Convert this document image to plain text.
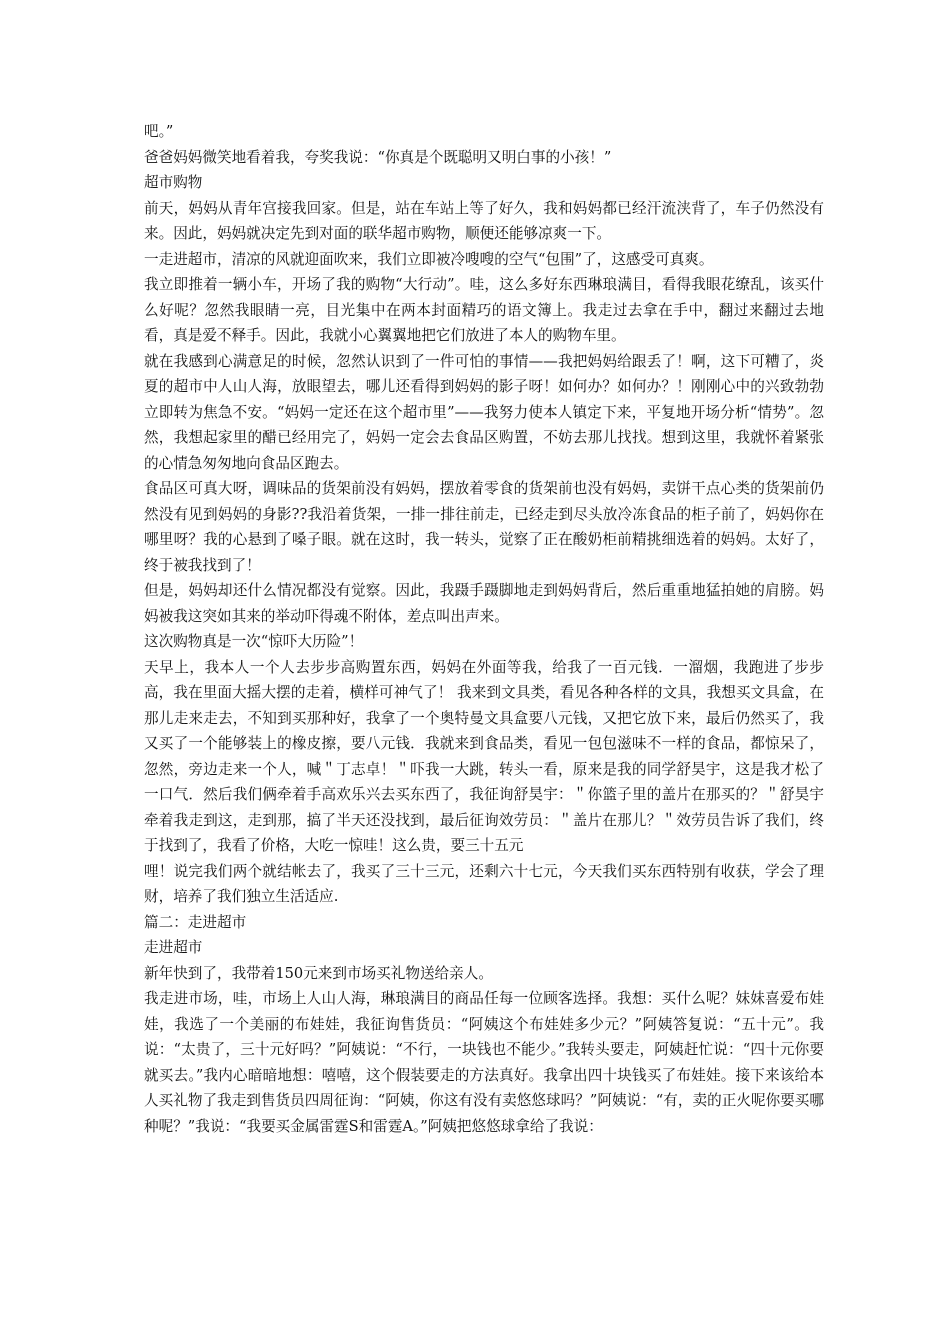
吧。”

爸爸妈妈微笑地看着我，夸奖我说：“你真是个既聪明又明白事的小孩！”

超市购物

前天，妈妈从青年宫接我回家。但是，站在车站上等了好久，我和妈妈都已经汗流浃背了，车子仍然没有来。因此，妈妈就决定先到对面的联华超市购物，顺便还能够凉爽一下。

一走进超市，清凉的风就迎面吹来，我们立即被冷嗖嗖的空气“包围”了，这感受可真爽。

我立即推着一辆小车，开场了我的购物“大行动”。哇，这么多好东西琳琅满目，看得我眼花缭乱，该买什么好呢？忽然我眼睛一亮，目光集中在两本封面精巧的语文簿上。我走过去拿在手中，翻过来翻过去地看，真是爱不释手。因此，我就小心翼翼地把它们放进了本人的购物车里。

就在我感到心满意足的时候，忽然认识到了一件可怕的事情——我把妈妈给跟丢了！啊，这下可糟了，炎夏的超市中人山人海，放眼望去，哪儿还看得到妈妈的影子呀！如何办？如何办？！刚刚心中的兴致勃勃立即转为焦急不安。“妈妈一定还在这个超市里”——我努力使本人镇定下来，平复地开场分析“情势”。忽然，我想起家里的醋已经用完了，妈妈一定会去食品区购置，不妨去那儿找找。想到这里，我就怀着紧张的心情急匆匆地向食品区跑去。

食品区可真大呀，调味品的货架前没有妈妈，摆放着零食的货架前也没有妈妈，卖饼干点心类的货架前仍然没有见到妈妈的身影??我沿着货架，一排一排往前走，已经走到尽头放冷冻食品的柜子前了，妈妈你在哪里呀？我的心悬到了嗓子眼。就在这时，我一转头，觉察了正在酸奶柜前精挑细选着的妈妈。太好了，终于被我找到了！

但是，妈妈却还什么情况都没有觉察。因此，我蹑手蹑脚地走到妈妈背后，然后重重地猛拍她的肩膀。妈妈被我这突如其来的举动吓得魂不附体，差点叫出声来。

这次购物真是一次“惊吓大历险”！

天早上，我本人一个人去步步高购置东西，妈妈在外面等我，给我了一百元钱．一溜烟，我跑进了步步高，我在里面大摇大摆的走着，横样可神气了！ 我来到文具类，看见各种各样的文具，我想买文具盒，在那儿走来走去，不知到买那种好，我拿了一个奥特曼文具盒要八元钱，又把它放下来，最后仍然买了，我又买了一个能够装上的橡皮擦，要八元钱．我就来到食品类，看见一包包滋味不一样的食品，都惊呆了，忽然，旁边走来一个人，喊＂丁志卓！＂吓我一大跳，转头一看，原来是我的同学舒昊宇，这是我才松了一口气．然后我们俩牵着手高欢乐兴去买东西了，我征询舒昊宇：＂你篮子里的盖片在那买的？＂舒昊宇牵着我走到这，走到那，搞了半天还没找到，最后征询效劳员：＂盖片在那儿？＂效劳员告诉了我们，终于找到了，我看了价格，大吃一惊哇！这么贵，要三十五元

哩！说完我们两个就结帐去了，我买了三十三元，还剩六十七元，今天我们买东西特别有收获，学会了理财，培养了我们独立生活适应.

篇二：走进超市

走进超市

新年快到了，我带着150元来到市场买礼物送给亲人。

我走进市场，哇，市场上人山人海，琳琅满目的商品任每一位顾客选择。我想：买什么呢？妹妹喜爱布娃娃，我选了一个美丽的布娃娃，我征询售货员：“阿姨这个布娃娃多少元？”阿姨答复说：“五十元”。我说：“太贵了，三十元好吗？”阿姨说：“不行，一块钱也不能少。”我转头要走，阿姨赶忙说：“四十元你要就买去。”我内心暗暗地想：嘻嘻，这个假装要走的方法真好。我拿出四十块钱买了布娃娃。接下来该给本人买礼物了我走到售货员四周征询：“阿姨，你这有没有卖悠悠球吗？”阿姨说：“有，卖的正火呢你要买哪种呢？”我说：“我要买金属雷霆S和雷霆A。”阿姨把悠悠球拿给了我说：
